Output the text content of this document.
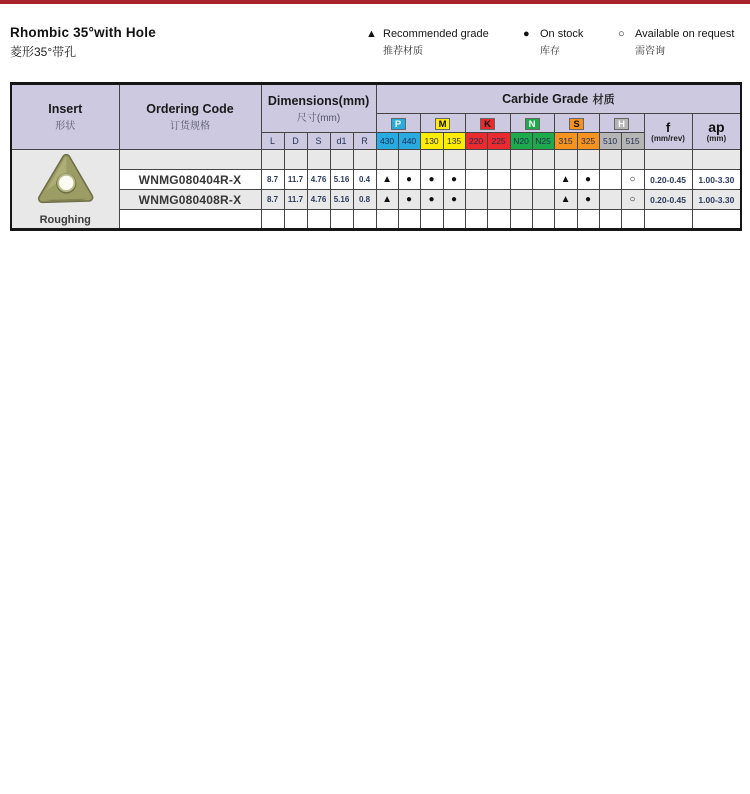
Rhombic 35°with Hole
菱形35°带孔
▲ Recommended grade
推荐材质
● On stock
库存
○ Available on request
需咨询
Insert
形状

Ordering Code
订货规格

Dimensions(mm)
尺寸(mm)
	Carbide Grade 材质
P	M	K	N	S	H	f
(mm/rev)

ap
(mm)

		L	D	S	d1	R	430	440	130	135	220	225	N20	N25	315	325	510	515		

Roughing																				

	WNMG080404R-X	8.7	11.7	4.76	5.16	0.4	▲	●	●	●					▲	●		○	0.20-0.45	1.00-3.30
	WNMG080408R-X	8.7	11.7	4.76	5.16	0.8	▲	●	●	●					▲	●		○	0.20-0.45	1.00-3.30
